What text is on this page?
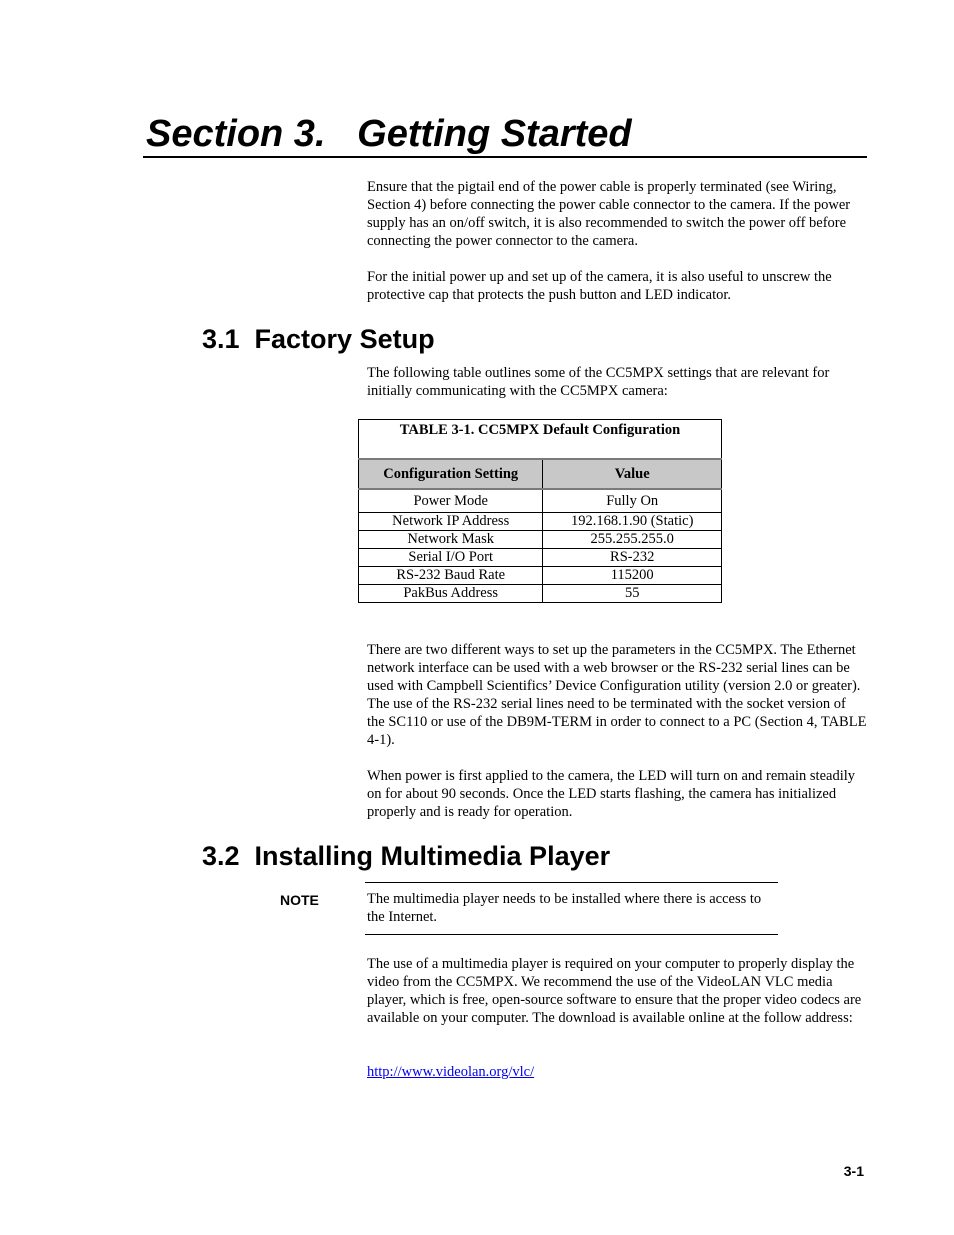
Section 3.   Getting Started

Ensure that the pigtail end of the power cable is properly terminated (see Wiring, Section 4) before connecting the power cable connector to the camera. If the power supply has an on/off switch, it is also recommended to switch the power off before connecting the power connector to the camera.

For the initial power up and set up of the camera, it is also useful to unscrew the protective cap that protects the push button and LED indicator.

3.1  Factory Setup

The following table outlines some of the CC5MPX settings that are relevant for initially communicating with the CC5MPX camera:

TABLE 3-1. CC5MPX Default Configuration	
Configuration Setting	Value
Power Mode	Fully On
Network IP Address	192.168.1.90 (Static)
Network Mask	255.255.255.0
Serial I/O Port	RS-232
RS-232 Baud Rate	115200
PakBus Address	55

There are two different ways to set up the parameters in the CC5MPX. The Ethernet network interface can be used with a web browser or the RS-232 serial lines can be used with Campbell Scientifics’ Device Configuration utility (version 2.0 or greater). The use of the RS-232 serial lines need to be terminated with the socket version of the SC110 or use of the DB9M-TERM in order to connect to a PC (Section 4, TABLE 4-1).

When power is first applied to the camera, the LED will turn on and remain steadily on for about 90 seconds. Once the LED starts flashing, the camera has initialized properly and is ready for operation.

3.2  Installing Multimedia Player
NOTE	The multimedia player needs to be installed where there is access to the Internet.

The use of a multimedia player is required on your computer to properly display the video from the CC5MPX. We recommend the use of the VideoLAN VLC media player, which is free, open-source software to ensure that the proper video codecs are available on your computer. The download is available online at the follow address:

http://www.videolan.org/vlc/

3-1
